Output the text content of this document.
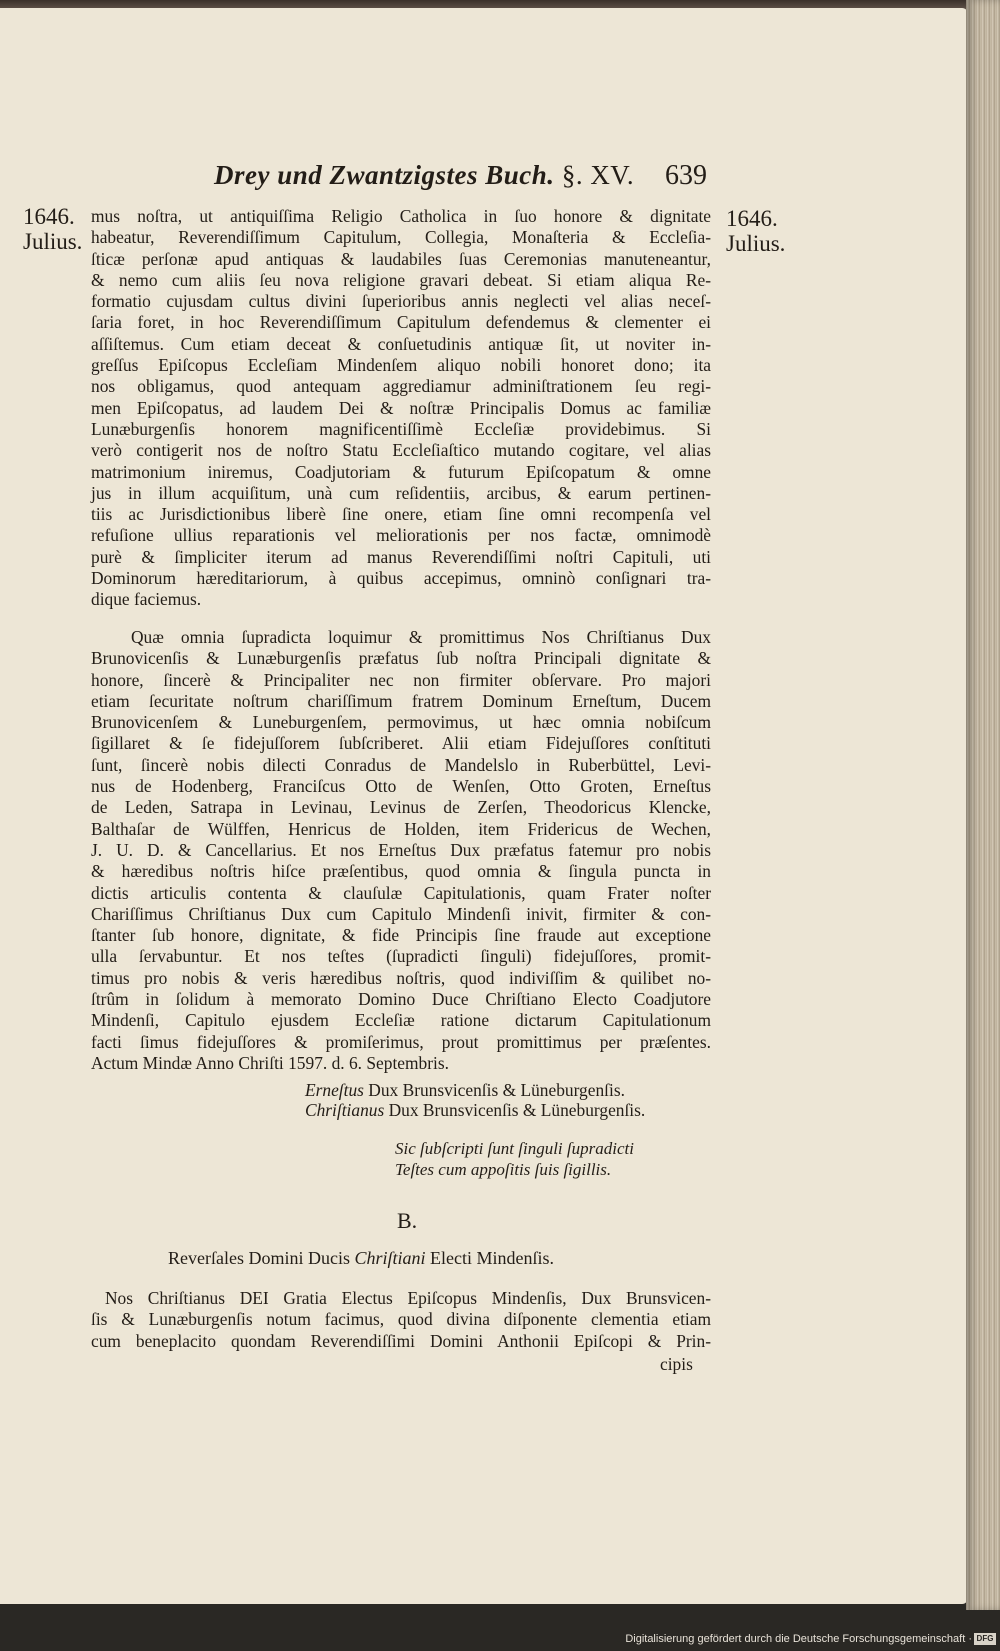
Drey und Zwantzigstes Buch. §. XV.	639
1646.
Julius.
1646.
Julius.
mus noſtra, ut antiquiſſima Religio Catholica in ſuo honore & dignitate
habeatur, Reverendiſſimum Capitulum, Collegia, Monaſteria & Eccleſia-
ſticæ perſonæ apud antiquas & laudabiles ſuas Ceremonias manuteneantur,
& nemo cum aliis ſeu nova religione gravari debeat. Si etiam aliqua Re-
formatio cujusdam cultus divini ſuperioribus annis neglecti vel alias neceſ-
ſaria foret, in hoc Reverendiſſimum Capitulum defendemus & clementer ei
aſſiſtemus. Cum etiam deceat & conſuetudinis antiquæ ſit, ut noviter in-
greſſus Epiſcopus Eccleſiam Mindenſem aliquo nobili honoret dono; ita
nos obligamus, quod antequam aggrediamur adminiſtrationem ſeu regi-
men Epiſcopatus, ad laudem Dei & noſtræ Principalis Domus ac familiæ
Lunæburgenſis honorem magnificentiſſimè Eccleſiæ providebimus. Si
verò contigerit nos de noſtro Statu Eccleſiaſtico mutando cogitare, vel alias
matrimonium iniremus, Coadjutoriam & futurum Epiſcopatum & omne
jus in illum acquiſitum, unà cum reſidentiis, arcibus, & earum pertinen-
tiis ac Jurisdictionibus liberè ſine onere, etiam ſine omni recompenſa vel
refuſione ullius reparationis vel meliorationis per nos factæ, omnimodè
purè & ſimpliciter iterum ad manus Reverendiſſimi noſtri Capituli, uti
Dominorum hæreditariorum, à quibus accepimus, omninò conſignari tra-
dique faciemus.
Quæ omnia ſupradicta loquimur & promittimus Nos Chriſtianus Dux
Brunovicenſis & Lunæburgenſis præfatus ſub noſtra Principali dignitate &
honore, ſincerè & Principaliter nec non firmiter obſervare. Pro majori
etiam ſecuritate noſtrum chariſſimum fratrem Dominum Erneſtum, Ducem
Brunovicenſem & Luneburgenſem, permovimus, ut hæc omnia nobiſcum
ſigillaret & ſe fidejuſſorem ſubſcriberet. Alii etiam Fidejuſſores conſtituti
ſunt, ſincerè nobis dilecti Conradus de Mandelslo in Ruberbüttel, Levi-
nus de Hodenberg, Franciſcus Otto de Wenſen, Otto Groten, Erneſtus
de Leden, Satrapa in Levinau, Levinus de Zerſen, Theodoricus Klencke,
Balthaſar de Wülffen, Henricus de Holden, item Fridericus de Wechen,
J. U. D. & Cancellarius. Et nos Erneſtus Dux præfatus fatemur pro nobis
& hæredibus noſtris hiſce præſentibus, quod omnia & ſingula puncta in
dictis articulis contenta & clauſulæ Capitulationis, quam Frater noſter
Chariſſimus Chriſtianus Dux cum Capitulo Mindenſi inivit, firmiter & con-
ſtanter ſub honore, dignitate, & fide Principis ſine fraude aut exceptione
ulla ſervabuntur. Et nos teſtes (ſupradicti ſinguli) fidejuſſores, promit-
timus pro nobis & veris hæredibus noſtris, quod indiviſſim & quilibet no-
ſtrûm in ſolidum à memorato Domino Duce Chriſtiano Electo Coadjutore
Mindenſi, Capitulo ejusdem Eccleſiæ ratione dictarum Capitulationum
facti ſimus fidejuſſores & promiſerimus, prout promittimus per præſentes.
Actum Mindæ Anno Chriſti 1597. d. 6. Septembris.
Erneſtus Dux Brunsvicenſis & Lüneburgenſis.
Chriſtianus Dux Brunsvicenſis & Lüneburgenſis.
Sic ſubſcripti ſunt ſinguli ſupradicti
Teſtes cum appoſitis ſuis ſigillis.
B.
Reverſales Domini Ducis Chriſtiani Electi Mindenſis.
Nos Chriſtianus DEI Gratia Electus Epiſcopus Mindenſis, Dux Brunsvicen-
ſis & Lunæburgenſis notum facimus, quod divina diſponente clementia etiam
cum beneplacito quondam Reverendiſſimi Domini Anthonii Epiſcopi & Prin-
cipis
Digitalisierung gefördert durch die Deutsche Forschungsgemeinschaft · DFG
